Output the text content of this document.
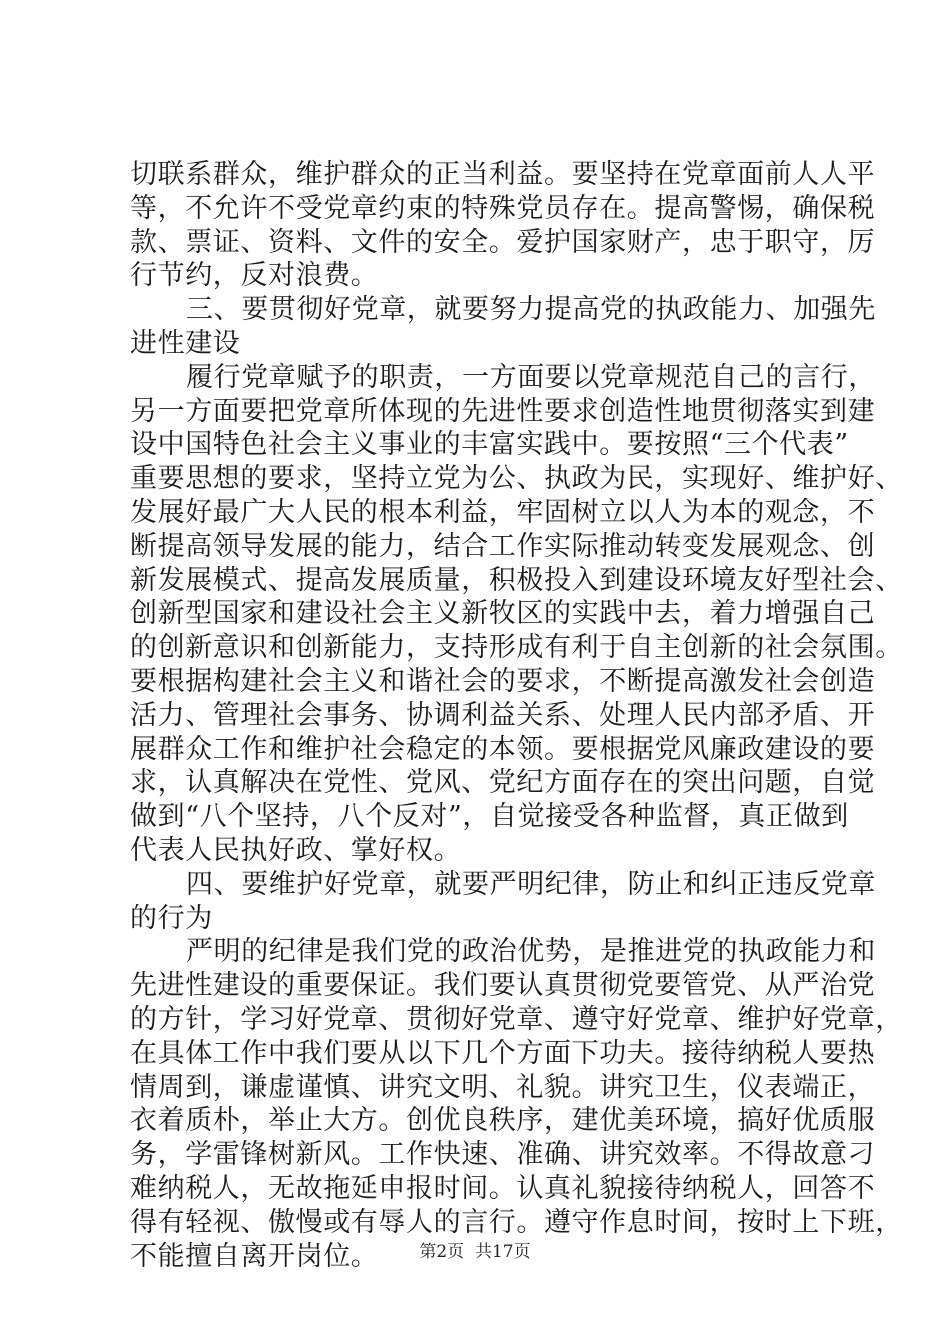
切联系群众，维护群众的正当利益。要坚持在党章面前人人平
等，不允许不受党章约束的特殊党员存在。提高警惕，确保税
款、票证、资料、文件的安全。爱护国家财产，忠于职守，厉
行节约，反对浪费。
三、要贯彻好党章，就要努力提高党的执政能力、加强先
进性建设
履行党章赋予的职责，一方面要以党章规范自己的言行，
另一方面要把党章所体现的先进性要求创造性地贯彻落实到建
设中国特色社会主义事业的丰富实践中。要按照“三个代表”
重要思想的要求，坚持立党为公、执政为民，实现好、维护好、
发展好最广大人民的根本利益，牢固树立以人为本的观念，不
断提高领导发展的能力，结合工作实际推动转变发展观念、创
新发展模式、提高发展质量，积极投入到建设环境友好型社会、
创新型国家和建设社会主义新牧区的实践中去，着力增强自己
的创新意识和创新能力，支持形成有利于自主创新的社会氛围。
要根据构建社会主义和谐社会的要求，不断提高激发社会创造
活力、管理社会事务、协调利益关系、处理人民内部矛盾、开
展群众工作和维护社会稳定的本领。要根据党风廉政建设的要
求，认真解决在党性、党风、党纪方面存在的突出问题，自觉
做到“八个坚持，八个反对”，自觉接受各种监督，真正做到
代表人民执好政、掌好权。
四、要维护好党章，就要严明纪律，防止和纠正违反党章
的行为
严明的纪律是我们党的政治优势，是推进党的执政能力和
先进性建设的重要保证。我们要认真贯彻党要管党、从严治党
的方针，学习好党章、贯彻好党章、遵守好党章、维护好党章，
在具体工作中我们要从以下几个方面下功夫。接待纳税人要热
情周到，谦虚谨慎、讲究文明、礼貌。讲究卫生，仪表端正，
衣着质朴，举止大方。创优良秩序，建优美环境，搞好优质服
务，学雷锋树新风。工作快速、准确、讲究效率。不得故意刁
难纳税人，无故拖延申报时间。认真礼貌接待纳税人，回答不
得有轻视、傲慢或有辱人的言行。遵守作息时间，按时上下班，
不能擅自离开岗位。	第2页  共17页
